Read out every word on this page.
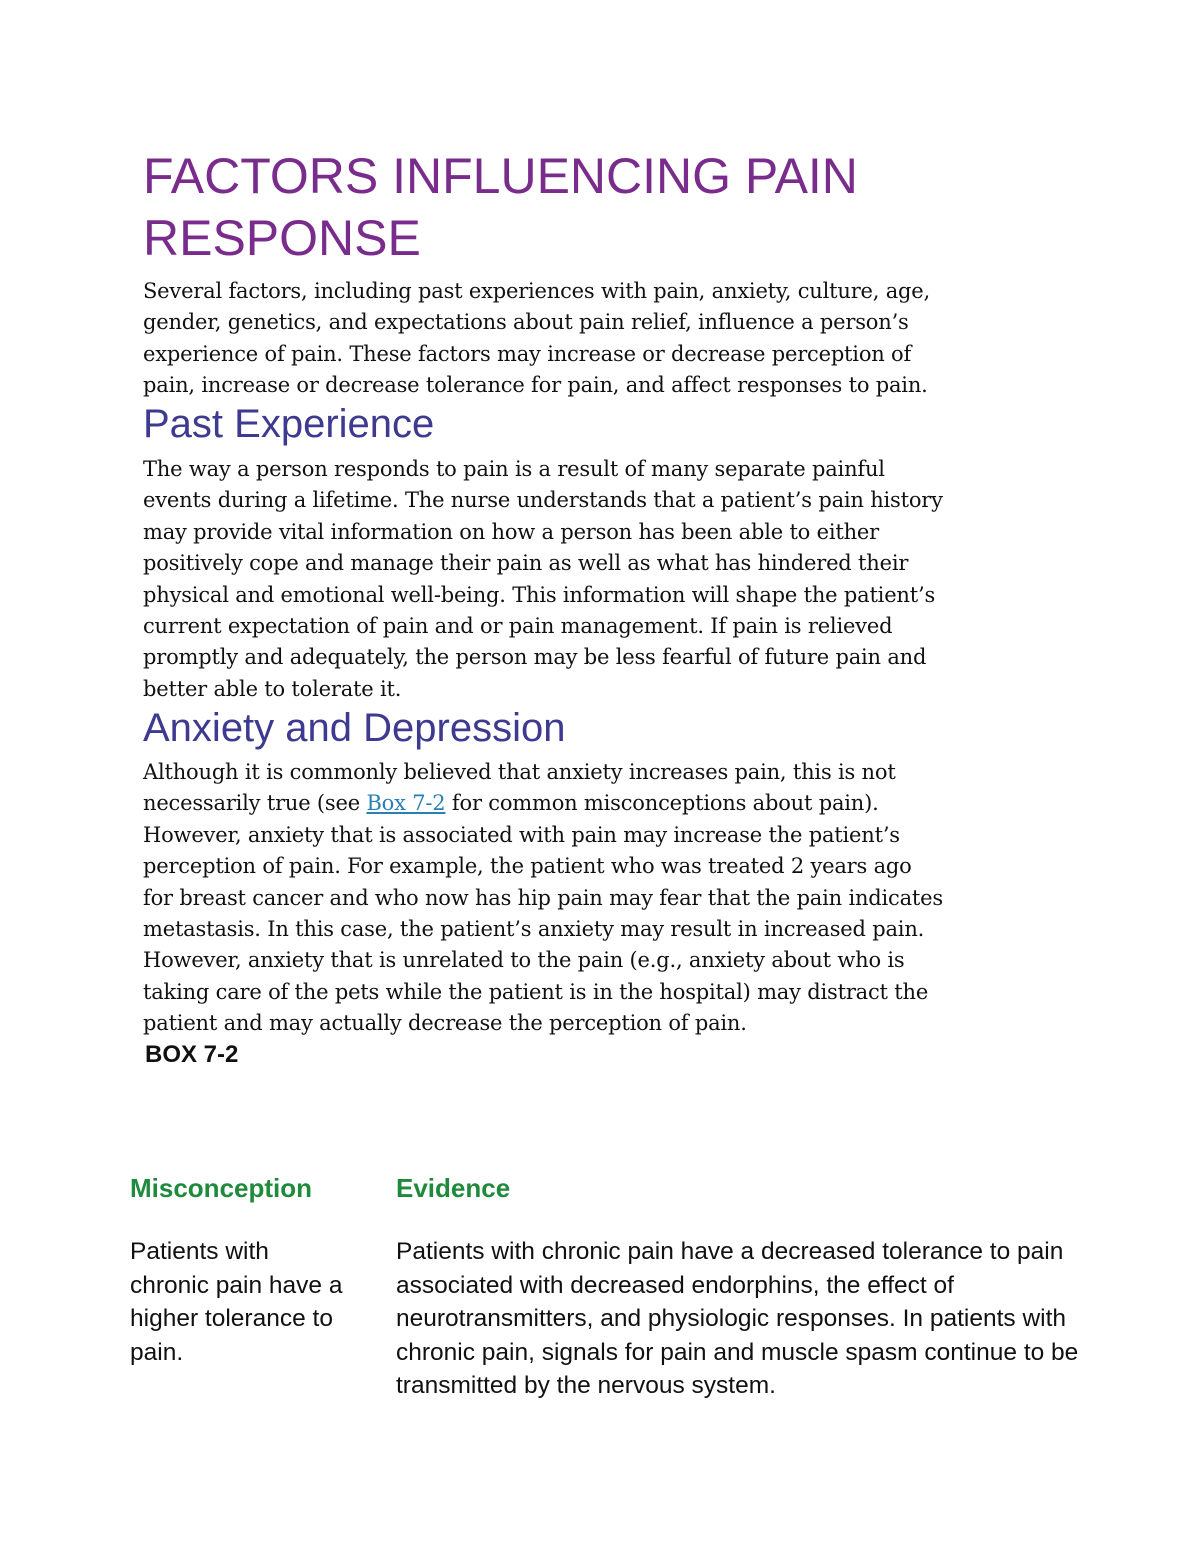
FACTORS INFLUENCING PAIN
RESPONSE

Several factors, including past experiences with pain, anxiety, culture, age,
gender, genetics, and expectations about pain relief, influence a person’s
experience of pain. These factors may increase or decrease perception of
pain, increase or decrease tolerance for pain, and affect responses to pain.

Past Experience

The way a person responds to pain is a result of many separate painful
events during a lifetime. The nurse understands that a patient’s pain history
may provide vital information on how a person has been able to either
positively cope and manage their pain as well as what has hindered their
physical and emotional well-being. This information will shape the patient’s
current expectation of pain and or pain management. If pain is relieved
promptly and adequately, the person may be less fearful of future pain and
better able to tolerate it.

Anxiety and Depression

Although it is commonly believed that anxiety increases pain, this is not
necessarily true (see Box 7-2 for common misconceptions about pain).
However, anxiety that is associated with pain may increase the patient’s
perception of pain. For example, the patient who was treated 2 years ago
for breast cancer and who now has hip pain may fear that the pain indicates
metastasis. In this case, the patient’s anxiety may result in increased pain.
However, anxiety that is unrelated to the pain (e.g., anxiety about who is
taking care of the pets while the patient is in the hospital) may distract the
patient and may actually decrease the perception of pain.

BOX 7-2

Misconception	Evidence

Patients with
chronic pain have a
higher tolerance to
pain.

Patients with chronic pain have a decreased tolerance to pain
associated with decreased endorphins, the effect of
neurotransmitters, and physiologic responses. In patients with
chronic pain, signals for pain and muscle spasm continue to be
transmitted by the nervous system.
